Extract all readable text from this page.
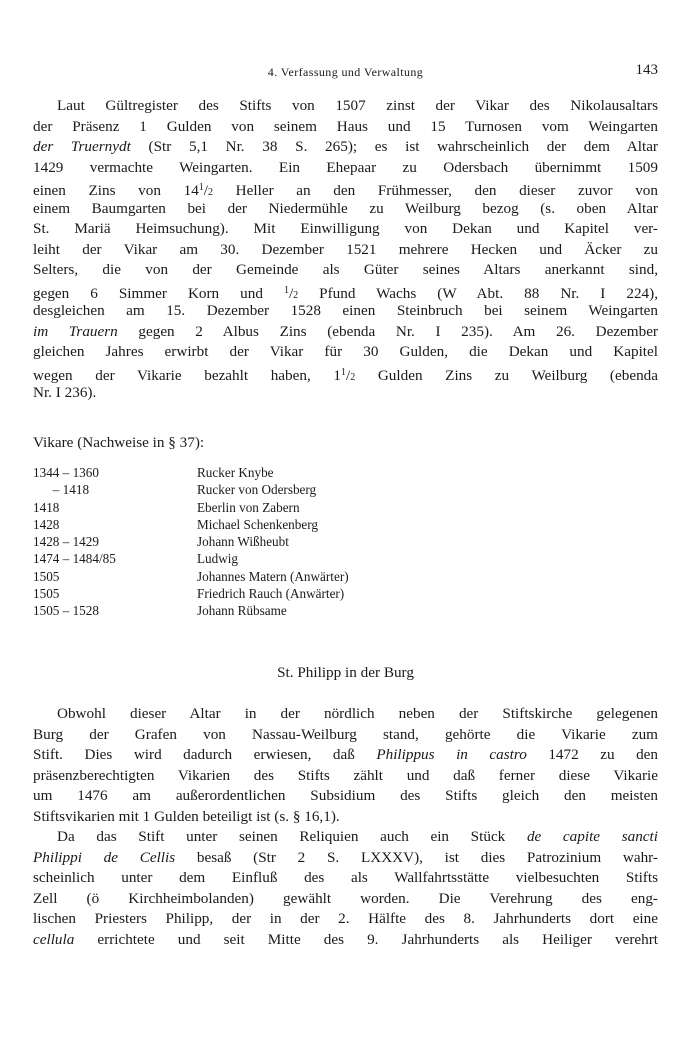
4. Verfassung und Verwaltung	143
Laut Gültregister des Stifts von 1507 zinst der Vikar des Nikolausaltars
der Präsenz 1 Gulden von seinem Haus und 15 Turnosen vom Weingarten
der Truernydt (Str 5,1 Nr. 38 S. 265); es ist wahrscheinlich der dem Altar
1429 vermachte Weingarten. Ein Ehepaar zu Odersbach übernimmt 1509
einen Zins von $14^1/2$ Heller an den Frühmesser, den dieser zuvor von
einem Baumgarten bei der Niedermühle zu Weilburg bezog (s. oben Altar
St. Mariä Heimsuchung). Mit Einwilligung von Dekan und Kapitel ver-
leiht der Vikar am 30. Dezember 1521 mehrere Hecken und Äcker zu
Selters, die von der Gemeinde als Güter seines Altars anerkannt sind,
gegen 6 Simmer Korn und $^1$/2 Pfund Wachs (W Abt. 88 Nr. I 224),
desgleichen am 15. Dezember 1528 einen Steinbruch bei seinem Weingarten
im Trauern gegen 2 Albus Zins (ebenda Nr. I 235). Am 26. Dezember
gleichen Jahres erwirbt der Vikar für 30 Gulden, die Dekan und Kapitel
wegen der Vikarie bezahlt haben, $1^1/2$ Gulden Zins zu Weilburg (ebenda
Nr. I 236).
Vikare (Nachweise in § 37):
1344 – 1360	Rucker Knybe
– 1418	Rucker von Odersberg
1418	Eberlin von Zabern
1428	Michael Schenkenberg
1428 – 1429	Johann Wißheubt
1474 – 1484/85	Ludwig
1505	Johannes Matern (Anwärter)
1505	Friedrich Rauch (Anwärter)
1505 – 1528	Johann Rübsame
St. Philipp in der Burg
Obwohl dieser Altar in der nördlich neben der Stiftskirche gelegenen
Burg der Grafen von Nassau-Weilburg stand, gehörte die Vikarie zum
Stift. Dies wird dadurch erwiesen, daß Philippus in castro 1472 zu den
präsenzberechtigten Vikarien des Stifts zählt und daß ferner diese Vikarie
um 1476 am außerordentlichen Subsidium des Stifts gleich den meisten
Stiftsvikarien mit 1 Gulden beteiligt ist (s. § 16,1).
Da das Stift unter seinen Reliquien auch ein Stück de capite sancti
Philippi de Cellis besaß (Str 2 S. LXXXV), ist dies Patrozinium wahr-
scheinlich unter dem Einfluß des als Wallfahrtsstätte vielbesuchten Stifts
Zell (ö Kirchheimbolanden) gewählt worden. Die Verehrung des eng-
lischen Priesters Philipp, der in der 2. Hälfte des 8. Jahrhunderts dort eine
cellula errichtete und seit Mitte des 9. Jahrhunderts als Heiliger verehrt
